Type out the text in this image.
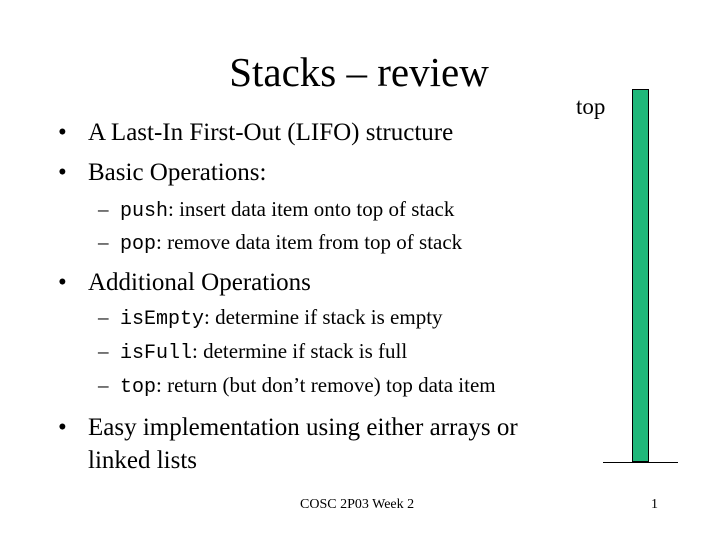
Stacks – review
• A Last-In First-Out (LIFO) structure
• Basic Operations:
– push: insert data item onto top of stack
– pop: remove data item from top of stack
• Additional Operations
– isEmpty: determine if stack is empty
– isFull: determine if stack is full
– top: return (but don’t remove) top data item
• Easy implementation using either arrays or
linked lists
top
COSC 2P03 Week 2	1
